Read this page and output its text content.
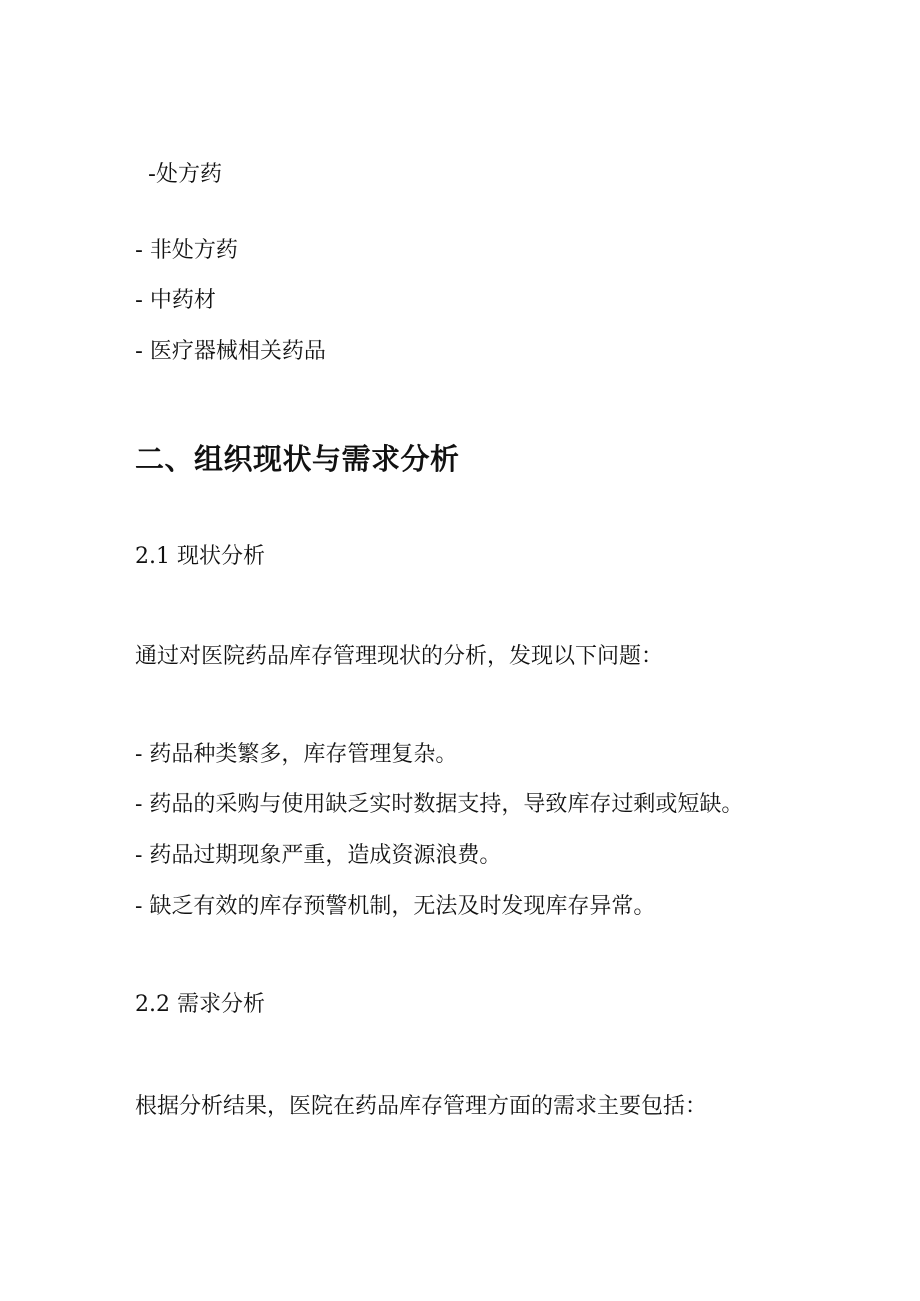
-处方药
- 非处方药
- 中药材
- 医疗器械相关药品
二、组织现状与需求分析
2.1 现状分析
通过对医院药品库存管理现状的分析，发现以下问题：
- 药品种类繁多，库存管理复杂。
- 药品的采购与使用缺乏实时数据支持，导致库存过剩或短缺。
- 药品过期现象严重，造成资源浪费。
- 缺乏有效的库存预警机制，无法及时发现库存异常。
2.2 需求分析
根据分析结果，医院在药品库存管理方面的需求主要包括：
